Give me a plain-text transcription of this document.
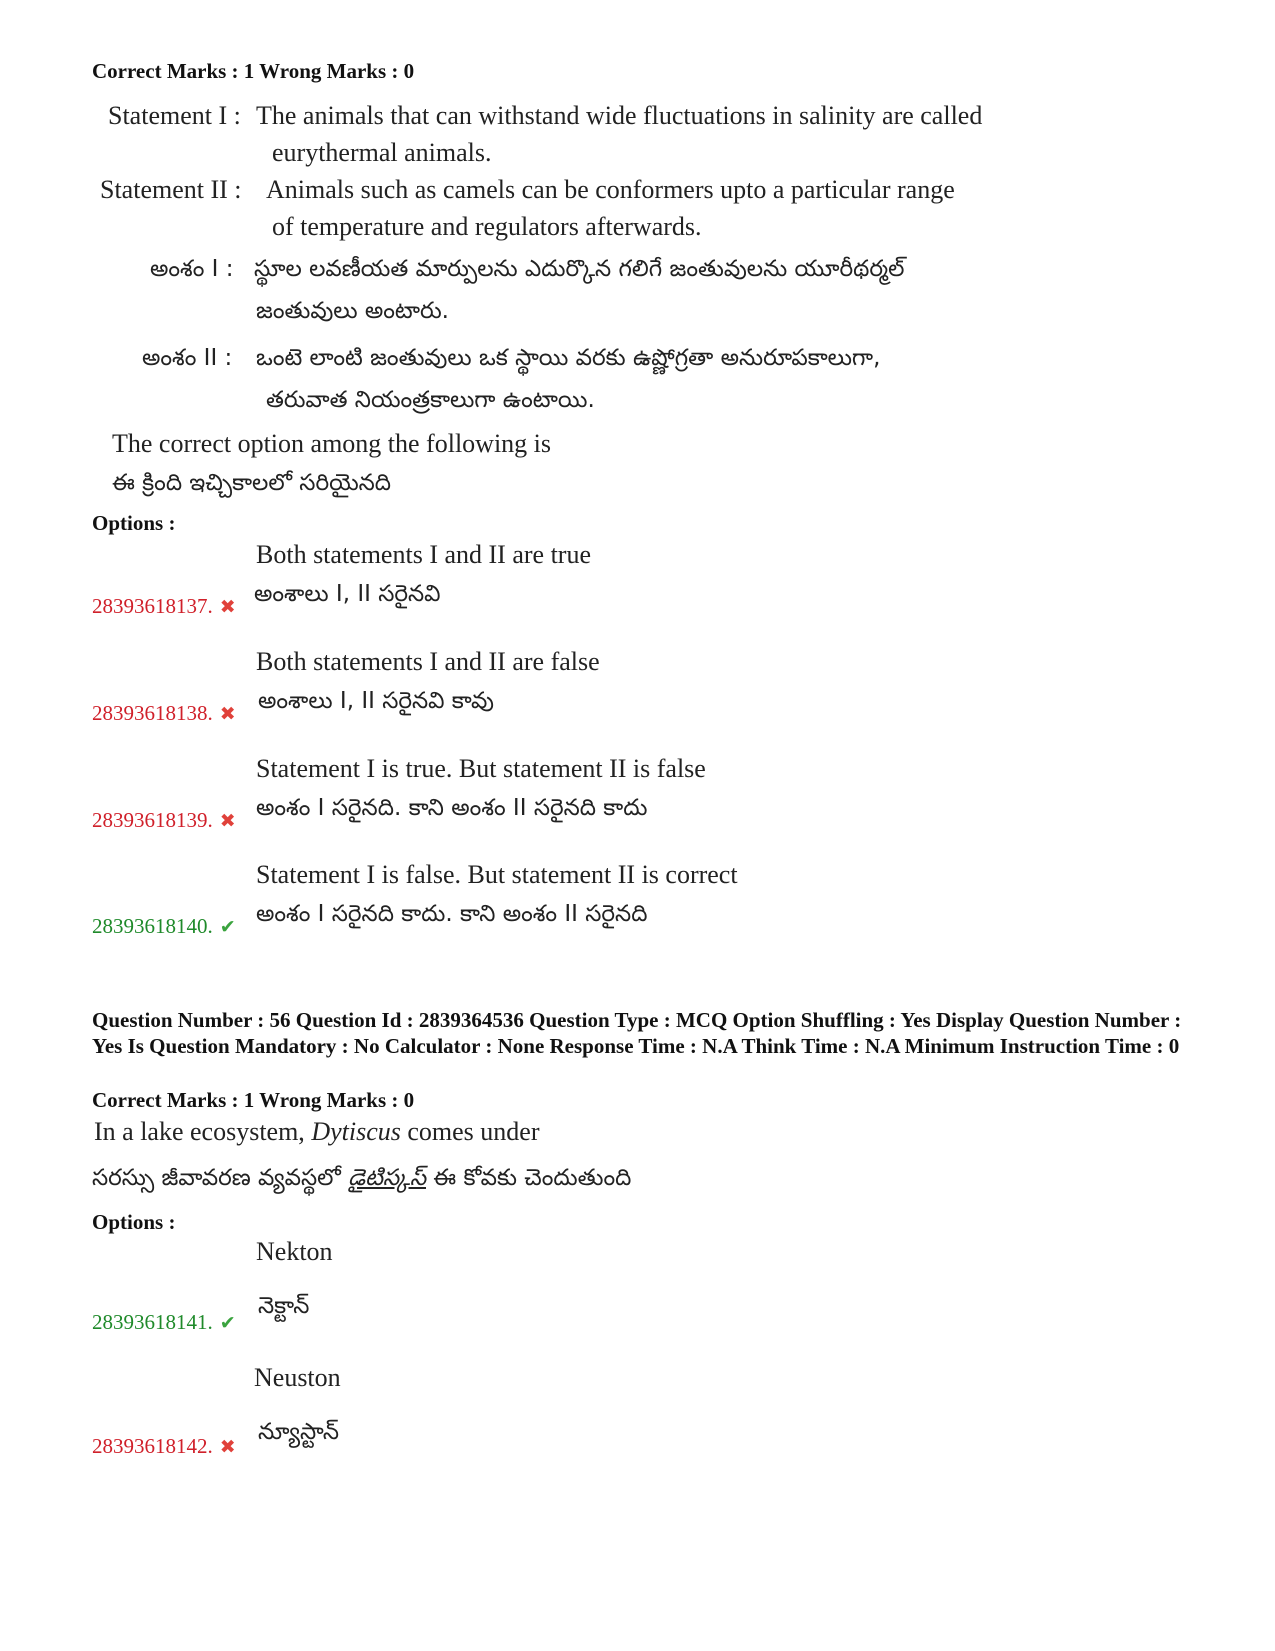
Correct Marks : 1 Wrong Marks : 0
Statement I : The animals that can withstand wide fluctuations in salinity are called
eurythermal animals.
Statement II : Animals such as camels can be conformers upto a particular range
of temperature and regulators afterwards.
అంశం I : స్థూల లవణీయత మార్పులను ఎదుర్కొన గలిగే జంతువులను యూరీథర్మల్
జంతువులు అంటారు.
అంశం II : ఒంటె లాంటి జంతువులు ఒక స్థాయి వరకు ఉష్ణోగ్రతా అనురూపకాలుగా,
తరువాత నియంత్రకాలుగా ఉంటాయి.
The correct option among the following is
ఈ క్రింది ఇచ్చికాలలో సరియైనది
Options :
Both statements I and II are true
అంశాలు I, II సరైనవి
28393618137. ✖
Both statements I and II are false
అంశాలు I, II సరైనవి కావు
28393618138. ✖
Statement I is true. But statement II is false
అంశం I సరైనది. కాని అంశం II సరైనది కాదు
28393618139. ✖
Statement I is false. But statement II is correct
అంశం I సరైనది కాదు. కాని అంశం II సరైనది
28393618140. ✔
Question Number : 56 Question Id : 2839364536 Question Type : MCQ Option Shuffling : Yes Display Question Number : Yes Is Question Mandatory : No Calculator : None Response Time : N.A Think Time : N.A Minimum Instruction Time : 0
Correct Marks : 1 Wrong Marks : 0
In a lake ecosystem, Dytiscus comes under
సరస్సు జీవావరణ వ్యవస్థలో డైటిస్కస్ ఈ కోవకు చెందుతుంది
Options :
Nekton
నెక్టాన్
28393618141. ✔
Neuston
న్యూస్టాన్
28393618142. ✖
